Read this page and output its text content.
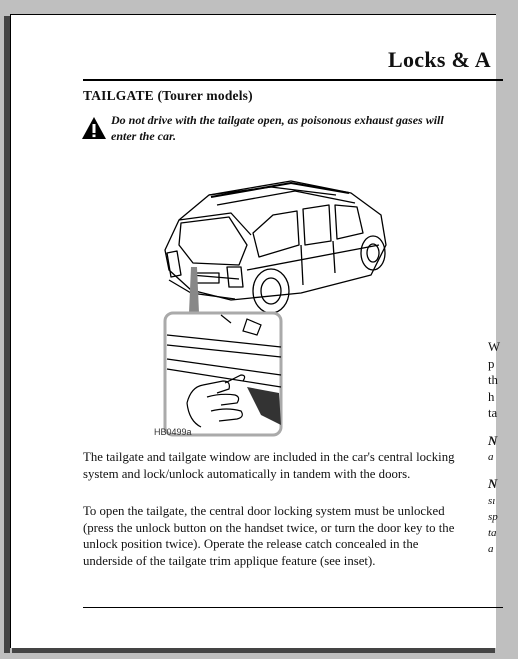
Locks & A
TAILGATE (Tourer models)
Do not drive with the tailgate open, as poisonous exhaust gases will enter the car.
HB0499a
The tailgate and tailgate window are included in the car's central locking system and lock/unlock automatically in tandem with the doors.
To open the tailgate, the central door locking system must be unlocked (press the unlock button on the handset twice, or turn the door key to the unlock position twice). Operate the release catch concealed in the underside of the tailgate trim applique feature (see inset).
W
p
th
h
ta
N
a
N
sı
sp
ta
a
